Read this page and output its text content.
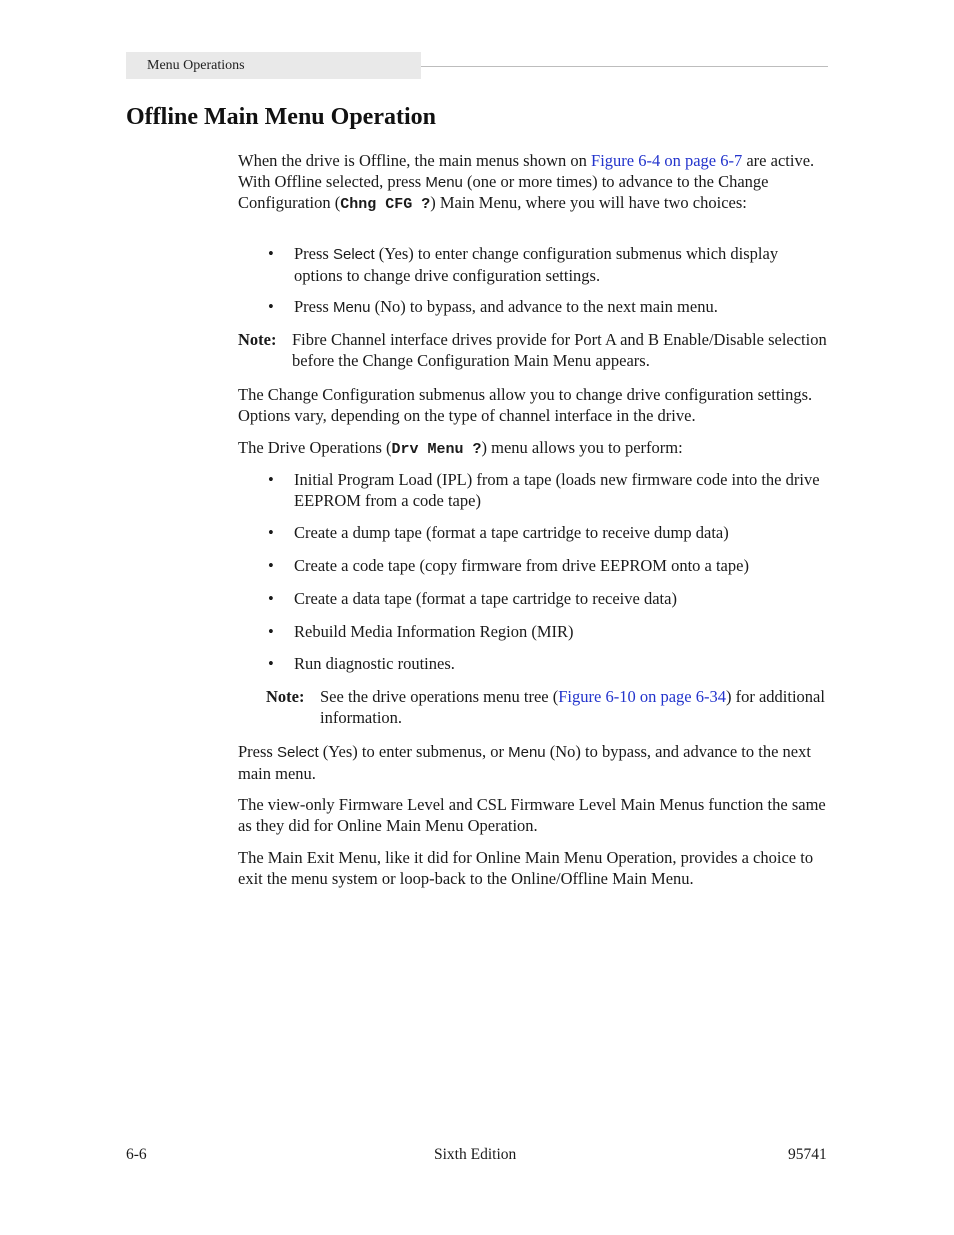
Menu Operations
Offline Main Menu Operation
When the drive is Offline, the main menus shown on Figure 6-4 on page 6-7 are active. With Offline selected, press Menu (one or more times) to advance to the Change Configuration (Chng CFG ?) Main Menu, where you will have two choices:
• Press Select (Yes) to enter change configuration submenus which display options to change drive configuration settings.
• Press Menu (No) to bypass, and advance to the next main menu.
Note: Fibre Channel interface drives provide for Port A and B Enable/Disable selection before the Change Configuration Main Menu appears.
The Change Configuration submenus allow you to change drive configuration settings. Options vary, depending on the type of channel interface in the drive.
The Drive Operations (Drv Menu ?) menu allows you to perform:
• Initial Program Load (IPL) from a tape (loads new firmware code into the drive EEPROM from a code tape)
• Create a dump tape (format a tape cartridge to receive dump data)
• Create a code tape (copy firmware from drive EEPROM onto a tape)
• Create a data tape (format a tape cartridge to receive data)
• Rebuild Media Information Region (MIR)
• Run diagnostic routines.
Note: See the drive operations menu tree (Figure 6-10 on page 6-34) for additional information.
Press Select (Yes) to enter submenus, or Menu (No) to bypass, and advance to the next main menu.
The view-only Firmware Level and CSL Firmware Level Main Menus function the same as they did for Online Main Menu Operation.
The Main Exit Menu, like it did for Online Main Menu Operation, provides a choice to exit the menu system or loop-back to the Online/Offline Main Menu.
6-6	Sixth Edition	95741
